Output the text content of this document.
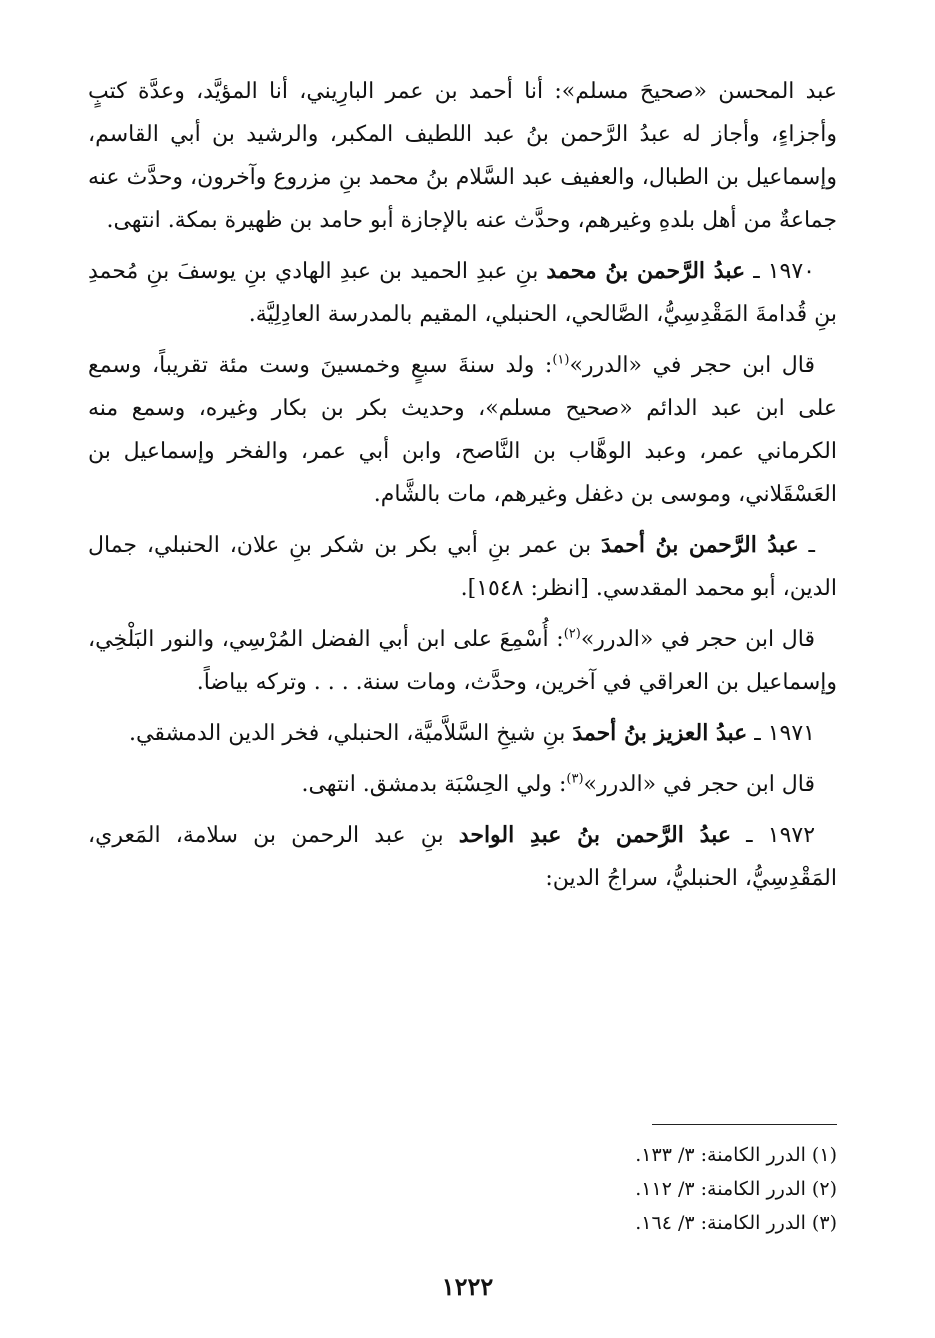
عبد المحسن «صحيحَ مسلم»: أنا أحمد بن عمر البارِيني، أنا المؤيَّد، وعدَّة كتبٍ وأجزاءٍ، وأجاز له عبدُ الرَّحمن بنُ عبد اللطيف المكبر، والرشيد بن أبي القاسم، وإسماعيل بن الطبال، والعفيف عبد السَّلام بنُ محمد بنِ مزروع وآخرون، وحدَّث عنه جماعةٌ من أهل بلدهِ وغيرهم، وحدَّث عنه بالإجازة أبو حامد بن ظهيرة بمكة. انتهى.

١٩٧٠ ـ عبدُ الرَّحمن بنُ محمد بنِ عبدِ الحميد بن عبدِ الهادي بنِ يوسفَ بنِ مُحمدِ بنِ قُدامةَ المَقْدِسِيُّ، الصَّالحي، الحنبلي، المقيم بالمدرسة العادِلِيَّة.

قال ابن حجر في «الدرر»$^{(١)}$: ولد سنةَ سبعٍ وخمسينَ وست مئة تقريباً، وسمع على ابن عبد الدائم «صحيح مسلم»، وحديث بكر بن بكار وغيره، وسمع منه الكرماني عمر، وعبد الوهَّاب بن النَّاصح، وابن أبي عمر، والفخر وإسماعيل بن العَسْقَلاني، وموسى بن دغفل وغيرهم، مات بالشَّام.

ـ عبدُ الرَّحمن بنُ أحمدَ بن عمر بنِ أبي بكر بن شكر بنِ علان، الحنبلي، جمال الدين، أبو محمد المقدسي. [انظر: ١٥٤٨].

قال ابن حجر في «الدرر»$^{(٢)}$: أُسْمِعَ على ابن أبي الفضل المُرْسِي، والنور البَلْخِي، وإسماعيل بن العراقي في آخرين، وحدَّث، ومات سنة. . . . وتركه بياضاً.

١٩٧١ ـ عبدُ العزيز بنُ أحمدَ بنِ شيخِ السَّلاَّميَّة، الحنبلي، فخر الدين الدمشقي.

قال ابن حجر في «الدرر»$^{(٣)}$: ولي الحِسْبَة بدمشق. انتهى.

١٩٧٢ ـ عبدُ الرَّحمن بنُ عبدِ الواحد بنِ عبد الرحمن بن سلامة، المَعري، المَقْدِسِيُّ، الحنبليُّ، سراجُ الدين:

(١) الدرر الكامنة: ٣/ ١٣٣.

(٢) الدرر الكامنة: ٣/ ١١٢.

(٣) الدرر الكامنة: ٣/ ١٦٤.

١٢٢٢
